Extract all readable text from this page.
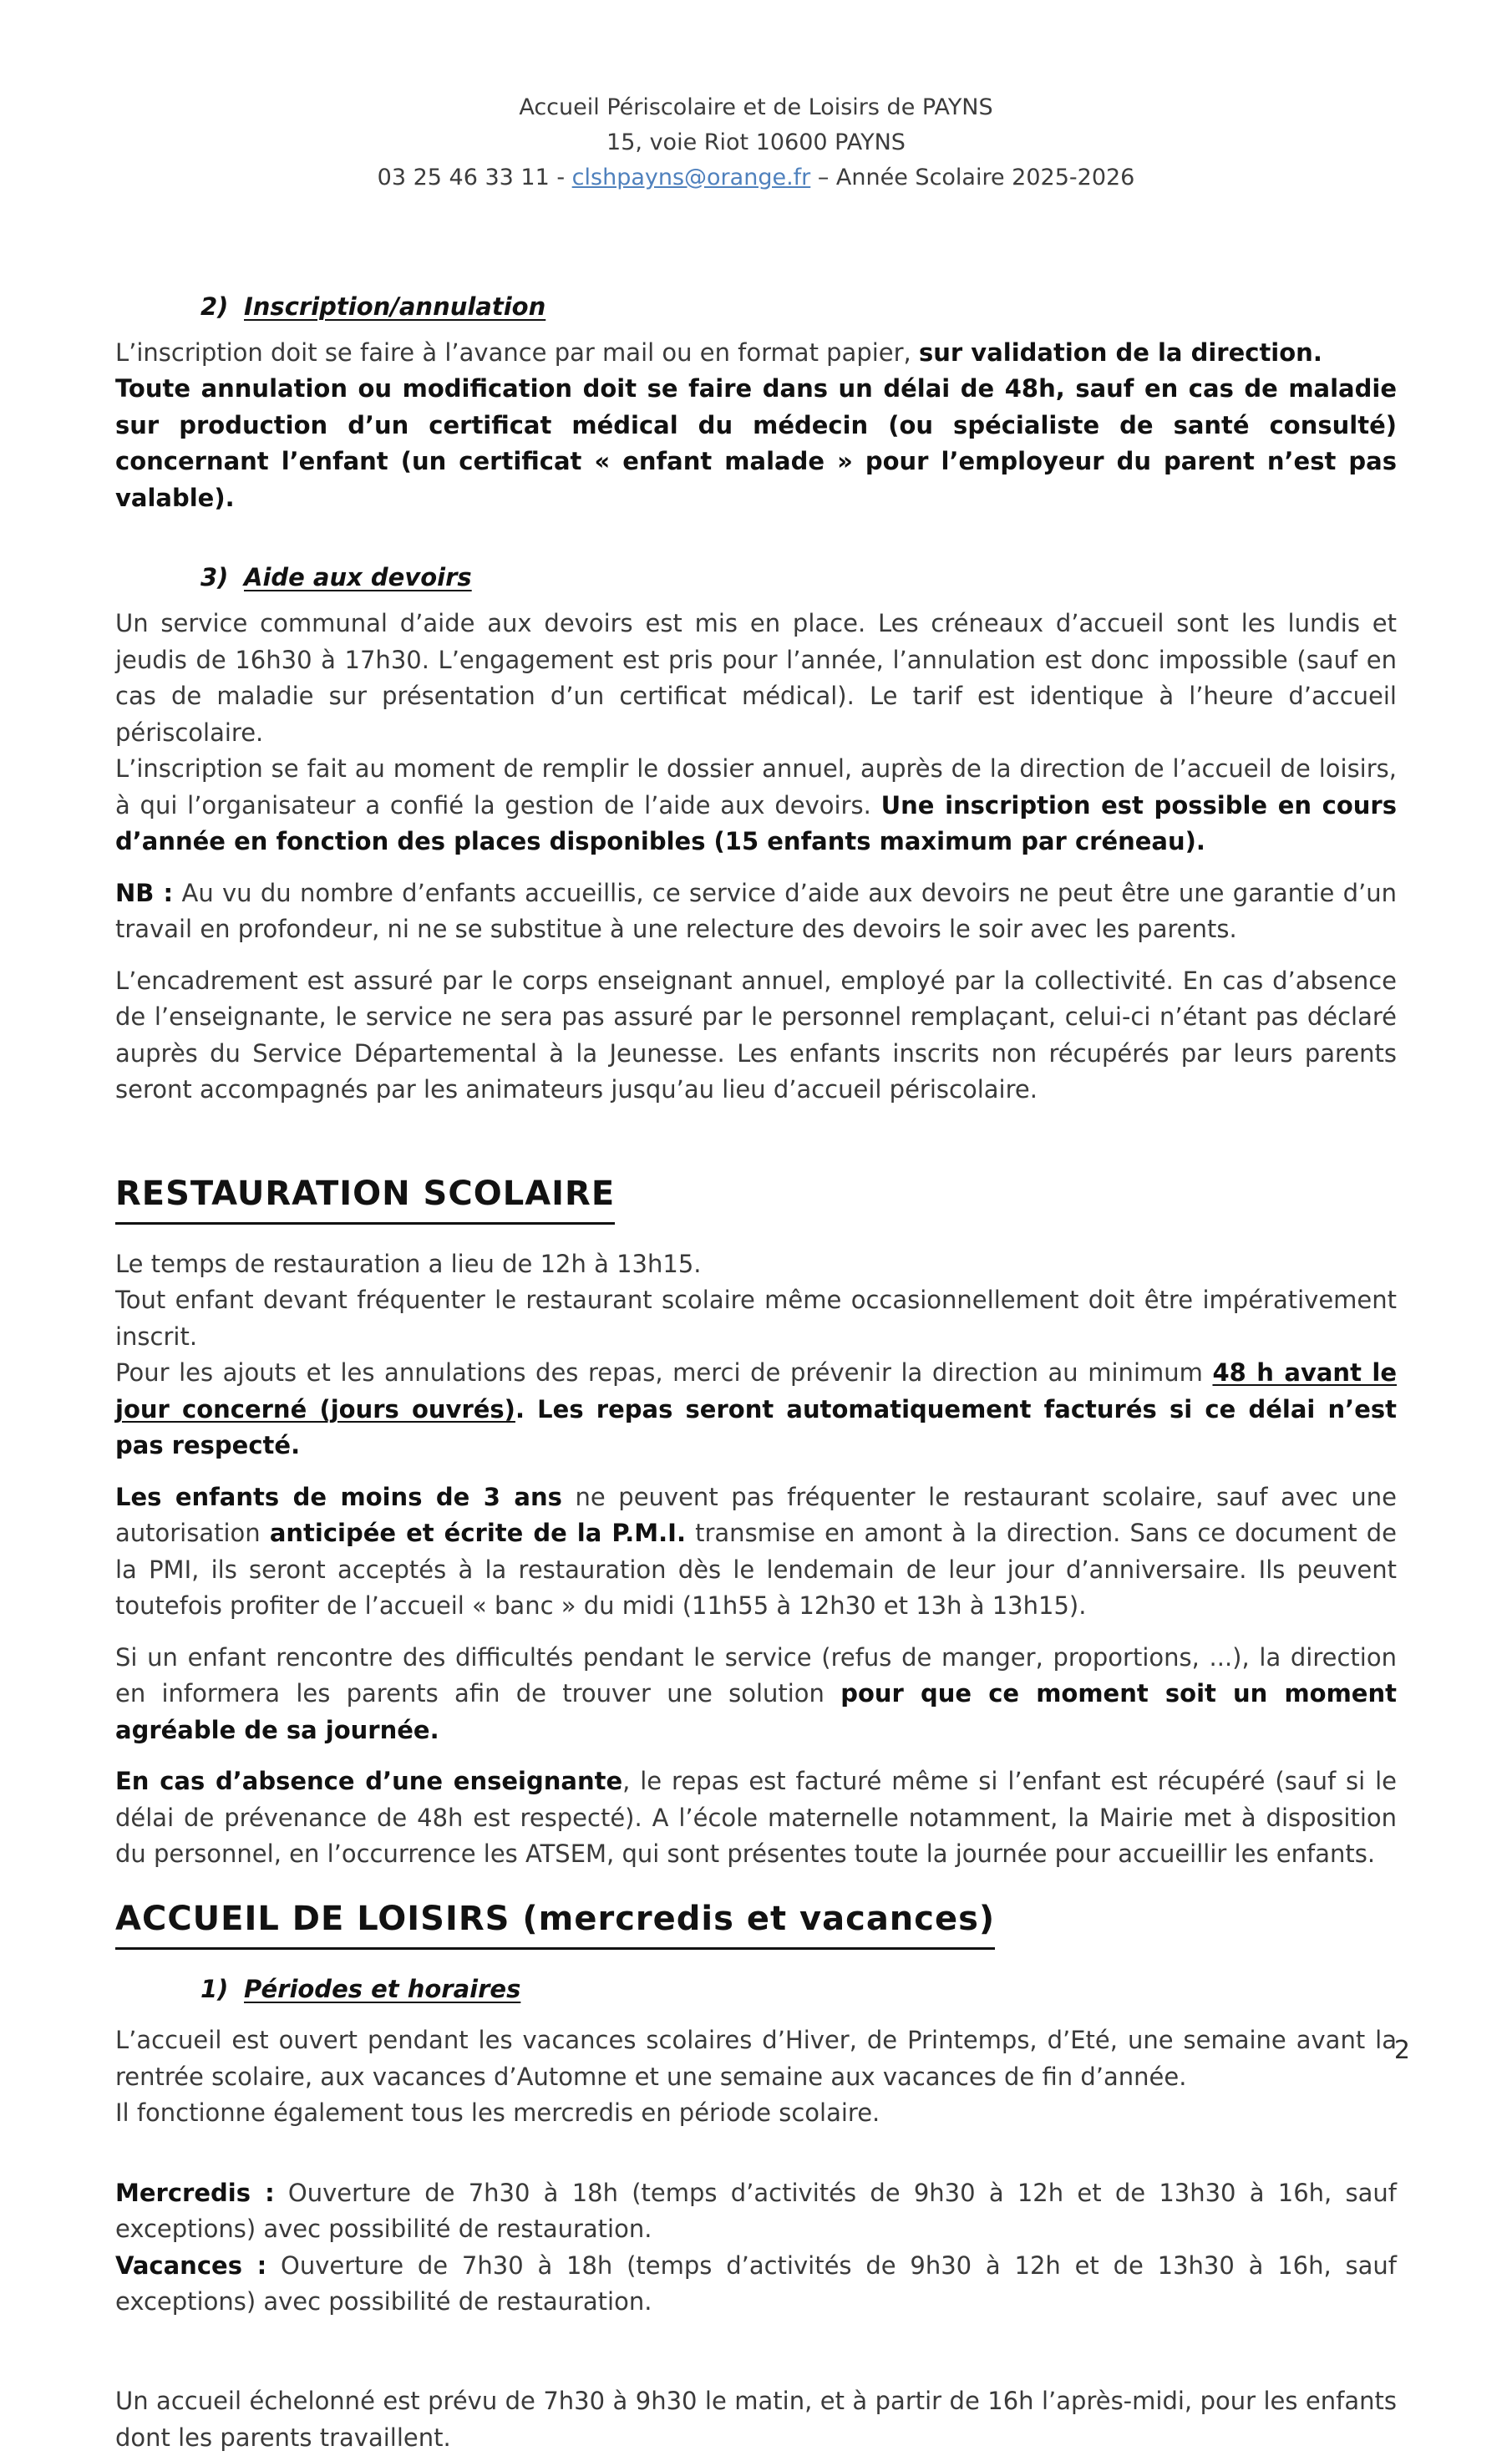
Accueil Périscolaire et de Loisirs de PAYNS
15, voie Riot 10600 PAYNS
03 25 46 33 11 - clshpayns@orange.fr – Année Scolaire 2025-2026
2) Inscription/annulation

L’inscription doit se faire à l’avance par mail ou en format papier, sur validation de la direction.

Toute annulation ou modification doit se faire dans un délai de 48h, sauf en cas de maladie sur production d’un certificat médical du médecin (ou spécialiste de santé consulté) concernant l’enfant (un certificat « enfant malade » pour l’employeur du parent n’est pas valable).

3) Aide aux devoirs

Un service communal d’aide aux devoirs est mis en place. Les créneaux d’accueil sont les lundis et jeudis de 16h30 à 17h30. L’engagement est pris pour l’année, l’annulation est donc impossible (sauf en cas de maladie sur présentation d’un certificat médical). Le tarif est identique à l’heure d’accueil périscolaire.

L’inscription se fait au moment de remplir le dossier annuel, auprès de la direction de l’accueil de loisirs, à qui l’organisateur a confié la gestion de l’aide aux devoirs. Une inscription est possible en cours d’année en fonction des places disponibles (15 enfants maximum par créneau).

NB : Au vu du nombre d’enfants accueillis, ce service d’aide aux devoirs ne peut être une garantie d’un travail en profondeur, ni ne se substitue à une relecture des devoirs le soir avec les parents.

L’encadrement est assuré par le corps enseignant annuel, employé par la collectivité. En cas d’absence de l’enseignante, le service ne sera pas assuré par le personnel remplaçant, celui-ci n’étant pas déclaré auprès du Service Départemental à la Jeunesse. Les enfants inscrits non récupérés par leurs parents seront accompagnés par les animateurs jusqu’au lieu d’accueil périscolaire.

RESTAURATION SCOLAIRE

Le temps de restauration a lieu de 12h à 13h15.

Tout enfant devant fréquenter le restaurant scolaire même occasionnellement doit être impérativement inscrit.

Pour les ajouts et les annulations des repas, merci de prévenir la direction au minimum 48 h avant le jour concerné (jours ouvrés). Les repas seront automatiquement facturés si ce délai n’est pas respecté.

Les enfants de moins de 3 ans ne peuvent pas fréquenter le restaurant scolaire, sauf avec une autorisation anticipée et écrite de la P.M.I. transmise en amont à la direction. Sans ce document de la PMI, ils seront acceptés à la restauration dès le lendemain de leur jour d’anniversaire. Ils peuvent toutefois profiter de l’accueil « banc » du midi (11h55 à 12h30 et 13h à 13h15).

Si un enfant rencontre des difficultés pendant le service (refus de manger, proportions, ...), la direction en informera les parents afin de trouver une solution pour que ce moment soit un moment agréable de sa journée.

En cas d’absence d’une enseignante, le repas est facturé même si l’enfant est récupéré (sauf si le délai de prévenance de 48h est respecté). A l’école maternelle notamment, la Mairie met à disposition du personnel, en l’occurrence les ATSEM, qui sont présentes toute la journée pour accueillir les enfants.

ACCUEIL DE LOISIRS (mercredis et vacances)
1) Périodes et horaires

L’accueil est ouvert pendant les vacances scolaires d’Hiver, de Printemps, d’Eté, une semaine avant la rentrée scolaire, aux vacances d’Automne et une semaine aux vacances de fin d’année.

Il fonctionne également tous les mercredis en période scolaire.

Mercredis : Ouverture de 7h30 à 18h (temps d’activités de 9h30 à 12h et de 13h30 à 16h, sauf exceptions) avec possibilité de restauration.

Vacances : Ouverture de 7h30 à 18h (temps d’activités de 9h30 à 12h et de 13h30 à 16h, sauf exceptions) avec possibilité de restauration.

Un accueil échelonné est prévu de 7h30 à 9h30 le matin, et à partir de 16h l’après-midi, pour les enfants dont les parents travaillent.

2
